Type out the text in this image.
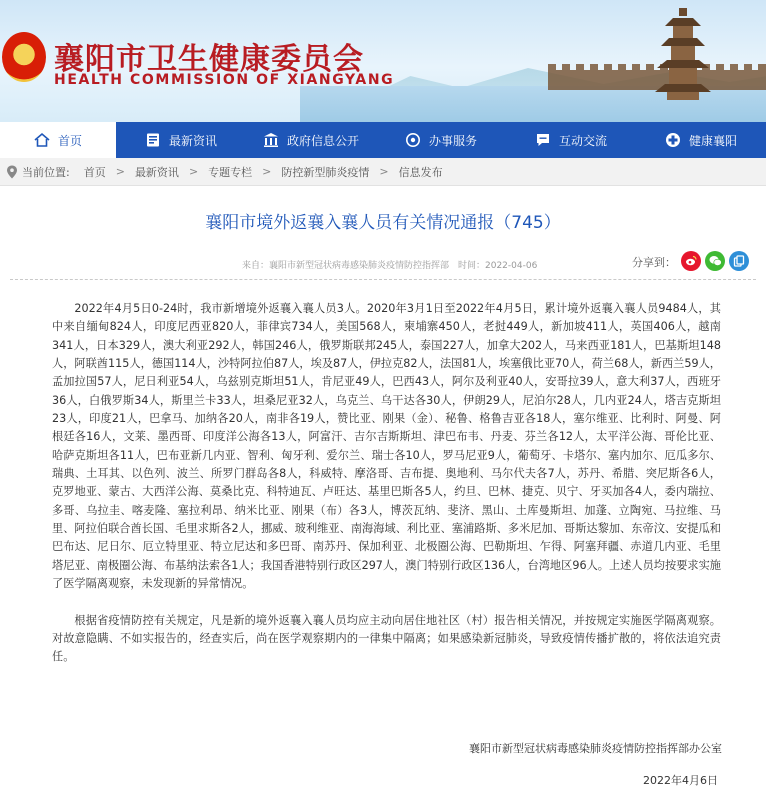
襄阳市卫生健康委员会
HEALTH COMMISSION OF XIANGYANG
首页	最新资讯	政府信息公开	办事服务	互动交流	健康襄阳
当前位置: 首页 > 最新资讯 > 专题专栏 > 防控新型肺炎疫情 > 信息发布
襄阳市境外返襄入襄人员有关情况通报（745）
来自：襄阳市新型冠状病毒感染肺炎疫情防控指挥部 时间：2022-04-06	分享到：

2022年4月5日0-24时，我市新增境外返襄入襄人员3人。2020年3月1日至2022年4月5日，累计境外返襄入襄人员9484人，其中来自缅甸824人，印度尼西亚820人，菲律宾734人，美国568人，柬埔寨450人，老挝449人，新加坡411人，英国406人，越南341人，日本329人，澳大利亚292人，韩国246人，俄罗斯联邦245人，泰国227人，加拿大202人，马来西亚181人，巴基斯坦148人，阿联酋115人，德国114人，沙特阿拉伯87人，埃及87人，伊拉克82人，法国81人，埃塞俄比亚70人，荷兰68人，新西兰59人，孟加拉国57人，尼日利亚54人，乌兹别克斯坦51人，肯尼亚49人，巴西43人，阿尔及利亚40人，安哥拉39人，意大利37人，西班牙36人，白俄罗斯34人，斯里兰卡33人，坦桑尼亚32人，乌克兰、乌干达各30人，伊朗29人，尼泊尔28人，几内亚24人，塔吉克斯坦23人，印度21人，巴拿马、加纳各20人，南非各19人，赞比亚、刚果（金）、秘鲁、格鲁吉亚各18人，塞尔维亚、比利时、阿曼、阿根廷各16人，文莱、墨西哥、印度洋公海各13人，阿富汗、吉尔吉斯斯坦、津巴布韦、丹麦、芬兰各12人，太平洋公海、哥伦比亚、哈萨克斯坦各11人，巴布亚新几内亚、智利、匈牙利、爱尔兰、瑞士各10人，罗马尼亚9人，葡萄牙、卡塔尔、塞内加尔、厄瓜多尔、瑞典、土耳其、以色列、波兰、所罗门群岛各8人，科威特、摩洛哥、吉布提、奥地利、马尔代夫各7人，苏丹、希腊、突尼斯各6人，克罗地亚、蒙古、大西洋公海、莫桑比克、科特迪瓦、卢旺达、基里巴斯各5人，约旦、巴林、捷克、贝宁、牙买加各4人，委内瑞拉、多哥、乌拉圭、喀麦隆、塞拉利昂、纳米比亚、刚果（布）各3人，博茨瓦纳、斐济、黑山、土库曼斯坦、加蓬、立陶宛、马拉维、马里、阿拉伯联合酋长国、毛里求斯各2人，挪威、玻利维亚、南海海域、利比亚、塞浦路斯、多米尼加、哥斯达黎加、东帝汶、安提瓜和巴布达、尼日尔、厄立特里亚、特立尼达和多巴哥、南苏丹、保加利亚、北极圈公海、巴勒斯坦、乍得、阿塞拜疆、赤道几内亚、毛里塔尼亚、南极圈公海、布基纳法索各1人；我国香港特别行政区297人，澳门特别行政区136人，台湾地区96人。上述人员均按要求实施了医学隔离观察，未发现新的异常情况。

根据省疫情防控有关规定，凡是新的境外返襄入襄人员均应主动向居住地社区（村）报告相关情况，并按规定实施医学隔离观察。对故意隐瞒、不如实报告的，经查实后，尚在医学观察期内的一律集中隔离；如果感染新冠肺炎，导致疫情传播扩散的，将依法追究责任。

襄阳市新型冠状病毒感染肺炎疫情防控指挥部办公室
2022年4月6日
